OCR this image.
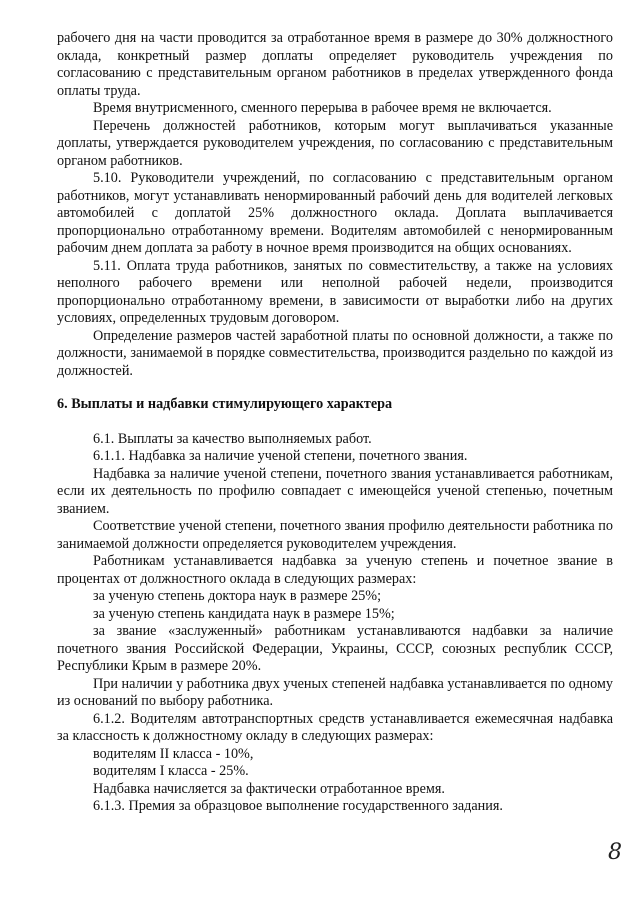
рабочего дня на части проводится за отработанное время в размере до 30% должностного оклада, конкретный размер доплаты определяет руководитель учреждения по согласованию с представительным органом работников в пределах утвержденного фонда оплаты труда.

Время внутрисменного, сменного перерыва в рабочее время не включается.

Перечень должностей работников, которым могут выплачиваться указанные доплаты, утверждается руководителем учреждения, по согласованию с представительным органом работников.

5.10. Руководители учреждений, по согласованию с представительным органом работников, могут устанавливать ненормированный рабочий день для водителей легковых автомобилей с доплатой 25% должностного оклада. Доплата выплачивается пропорционально отработанному времени. Водителям автомобилей с ненормированным рабочим днем доплата за работу в ночное время производится на общих основаниях.

5.11. Оплата труда работников, занятых по совместительству, а также на условиях неполного рабочего времени или неполной рабочей недели, производится пропорционально отработанному времени, в зависимости от выработки либо на других условиях, определенных трудовым договором.

Определение размеров частей заработной платы по основной должности, а также по должности, занимаемой в порядке совместительства, производится раздельно по каждой из должностей.

6. Выплаты и надбавки стимулирующего характера

6.1. Выплаты за качество выполняемых работ.

6.1.1. Надбавка за наличие ученой степени, почетного звания.

Надбавка за наличие ученой степени, почетного звания устанавливается работникам, если их деятельность по профилю совпадает с имеющейся ученой степенью, почетным званием.

Соответствие ученой степени, почетного звания профилю деятельности работника по занимаемой должности определяется руководителем учреждения.

Работникам устанавливается надбавка за ученую степень и почетное звание в процентах от должностного оклада в следующих размерах:

за ученую степень доктора наук в размере 25%;

за ученую степень кандидата наук в размере 15%;

за звание «заслуженный» работникам устанавливаются надбавки за наличие почетного звания Российской Федерации, Украины, СССР, союзных республик СССР, Республики Крым в размере 20%.

При наличии у работника двух ученых степеней надбавка устанавливается по одному из оснований по выбору работника.

6.1.2. Водителям автотранспортных средств устанавливается ежемесячная надбавка за классность к должностному окладу в следующих размерах:

водителям II класса - 10%,

водителям I класса - 25%.

Надбавка начисляется за фактически отработанное время.

6.1.3. Премия за образцовое выполнение государственного задания.

8
